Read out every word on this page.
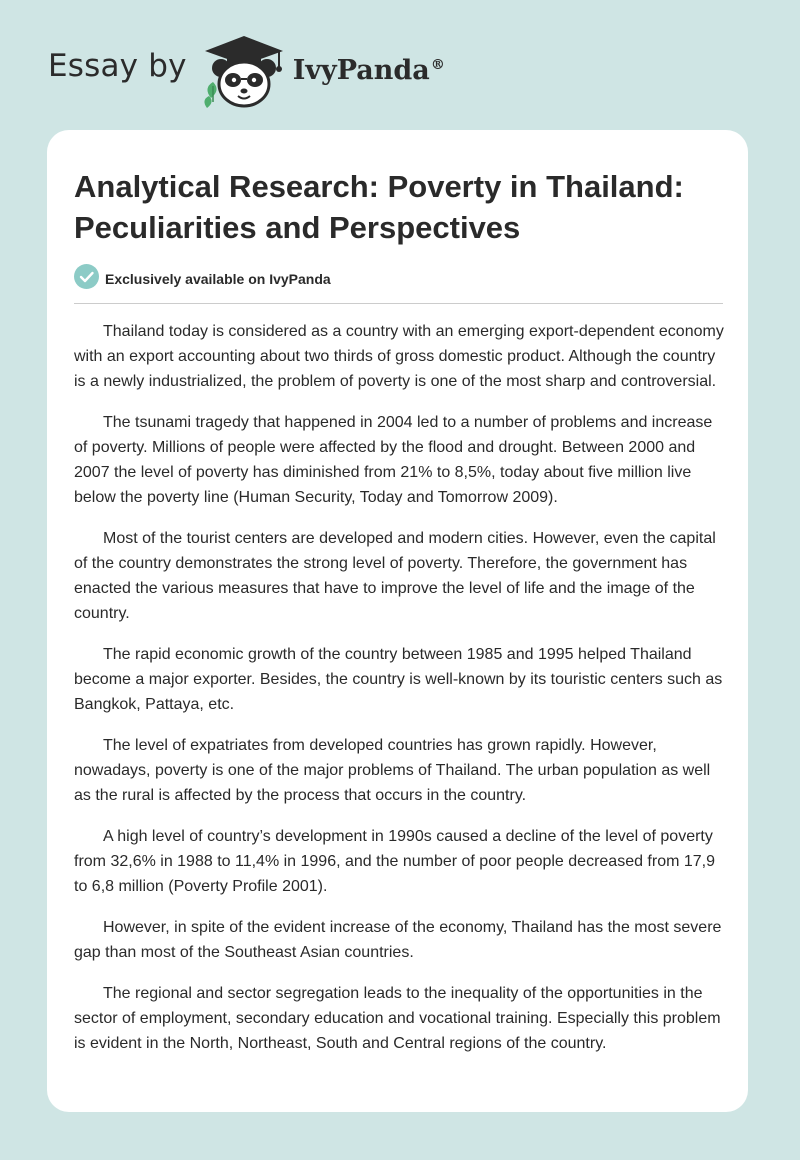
Essay by	IvyPanda®
Analytical Research: Poverty in Thailand: Peculiarities and Perspectives
Exclusively available on IvyPanda

Thailand today is considered as a country with an emerging export-dependent economy with an export accounting about two thirds of gross domestic product. Although the country is a newly industrialized, the problem of poverty is one of the most sharp and controversial.

The tsunami tragedy that happened in 2004 led to a number of problems and increase of poverty. Millions of people were affected by the flood and drought. Between 2000 and 2007 the level of poverty has diminished from 21% to 8,5%, today about five million live below the poverty line (Human Security, Today and Tomorrow 2009).

Most of the tourist centers are developed and modern cities. However, even the capital of the country demonstrates the strong level of poverty. Therefore, the government has enacted the various measures that have to improve the level of life and the image of the country.

The rapid economic growth of the country between 1985 and 1995 helped Thailand become a major exporter. Besides, the country is well-known by its touristic centers such as Bangkok, Pattaya, etc.

The level of expatriates from developed countries has grown rapidly. However, nowadays, poverty is one of the major problems of Thailand. The urban population as well as the rural is affected by the process that occurs in the country.

A high level of country’s development in 1990s caused a decline of the level of poverty from 32,6% in 1988 to 11,4% in 1996, and the number of poor people decreased from 17,9 to 6,8 million (Poverty Profile 2001).

However, in spite of the evident increase of the economy, Thailand has the most severe gap than most of the Southeast Asian countries.

The regional and sector segregation leads to the inequality of the opportunities in the sector of employment, secondary education and vocational training. Especially this problem is evident in the North, Northeast, South and Central regions of the country.
